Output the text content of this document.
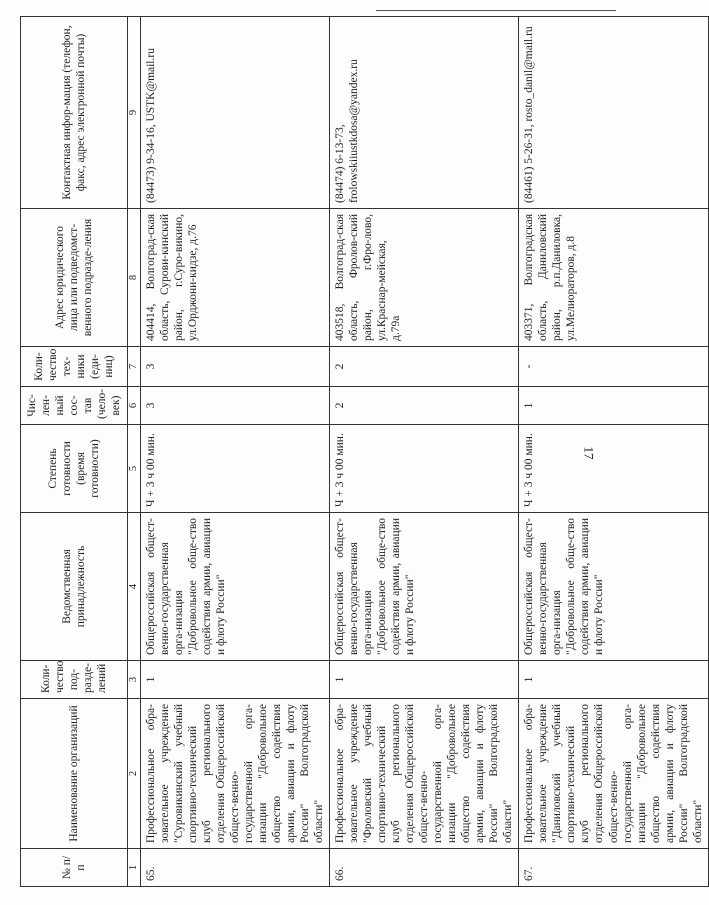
17
№ п/п	Наименование организаций	Коли-чество под-разде-лений	Ведомственная принадлежность	Степень готовности (время готовности)	Чис-лен-ный сос-тав (чело-век)	Коли-чество тех-ники (еди-ниц)	Адрес юридического лица или подведомст-венного подразде-ления	Контактная инфор-мация (телефон, факс, адрес электронной почты)
1	2	3	4	5	6	7	8	9
65.	Профессиональное обра-зовательное учреждение "Суровикинский учебный спортивно-технический клуб регионального отделения Общероссийской общест-венно-государственной орга-низации "Добровольное общество содействия армии, авиации и флоту России" Волгоградской области"	1	Общероссийская общест-венно-государственная орга-низация "Добровольное обще-ство содействия армии, авиации и флоту России"	Ч + 3 ч 00 мин.	3	3	404414, Волгоград-ская область, Сурови-кинский район, г.Суро-викино, ул.Орджони-кидзе, д.76	(84473) 9-34-16, USTK@mail.ru
66.	Профессиональное обра-зовательное учреждение "Фроловский учебный спортивно-технический клуб регионального отделения Общероссийской общест-венно-государственной орга-низации "Добровольное общество содействия армии, авиации и флоту России" Волгоградской области"	1	Общероссийская общест-венно-государственная орга-низация "Добровольное обще-ство содействия армии, авиации и флоту России"	Ч + 3 ч 00 мин.	2	2	403518, Волгоград-ская область, Фролов-ский район, г.Фро-лово, ул.Краснар-мейская, д.79а	(84474) 6-13-73, frolowskiiustkdosa@yandex.ru
67.	Профессиональное обра-зовательное учреждение "Даниловский учебный спортивно-технический клуб регионального отделения Общероссийской общест-венно-государственной орга-низации "Добровольное общество содействия армии, авиации и флоту России" Волгоградской области"	1	Общероссийская общест-венно-государственная орга-низация "Добровольное обще-ство содействия армии, авиации и флоту России"	Ч + 3 ч 00 мин.	1	-	403371, Волгоградская область, Даниловский район, р.п.Даниловка, ул.Мелиораторов, д.8	(84461) 5-26-31, rosto_danil@mail.ru
